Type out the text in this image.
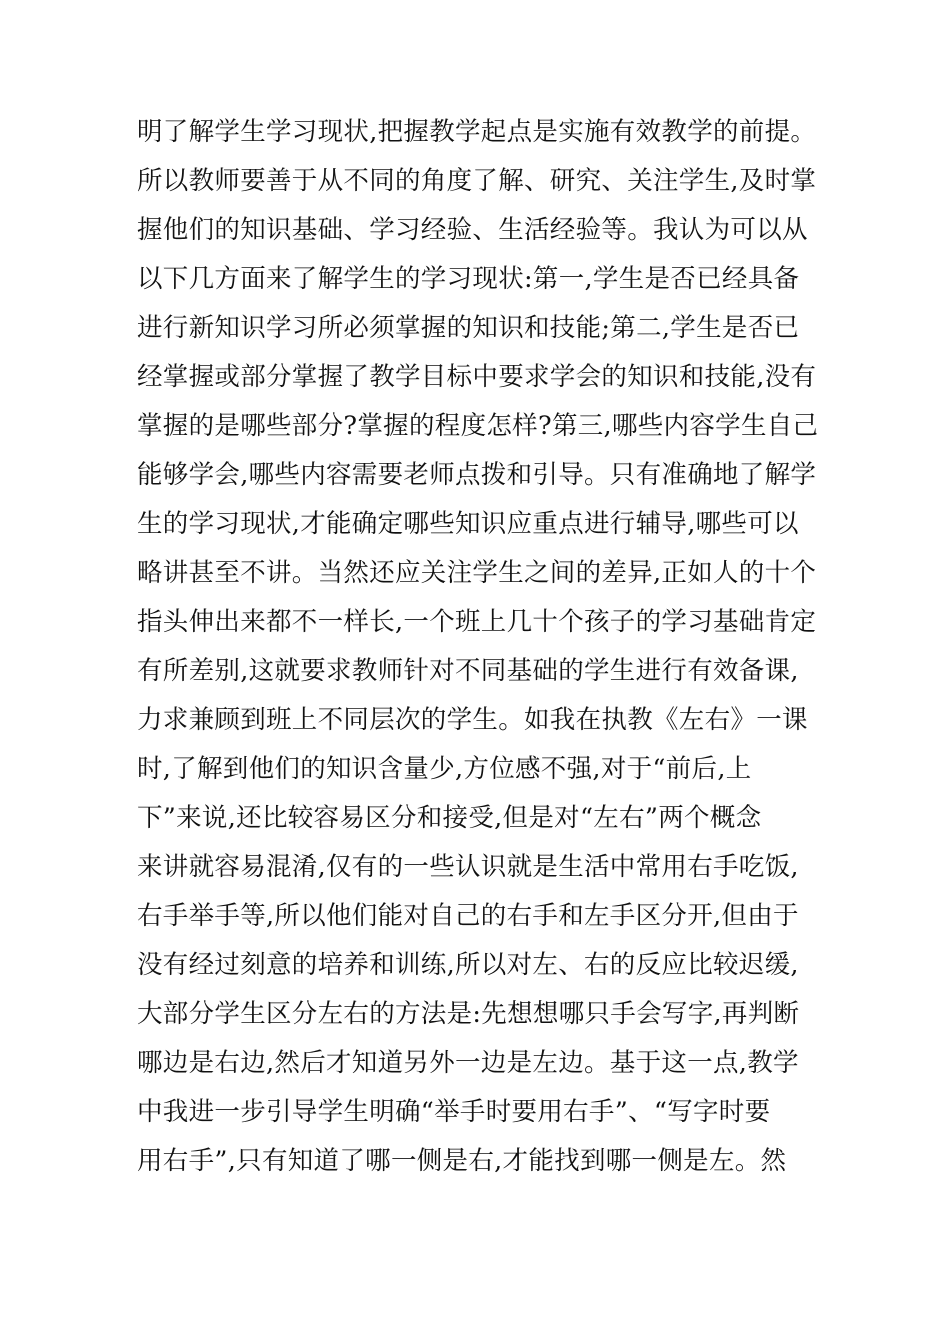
明了解学生学习现状,把握教学起点是实施有效教学的前提。
所以教师要善于从不同的角度了解、研究、关注学生,及时掌
握他们的知识基础、学习经验、生活经验等。我认为可以从
以下几方面来了解学生的学习现状:第一,学生是否已经具备
进行新知识学习所必须掌握的知识和技能;第二,学生是否已
经掌握或部分掌握了教学目标中要求学会的知识和技能,没有
掌握的是哪些部分?掌握的程度怎样?第三,哪些内容学生自己
能够学会,哪些内容需要老师点拨和引导。只有准确地了解学
生的学习现状,才能确定哪些知识应重点进行辅导,哪些可以
略讲甚至不讲。当然还应关注学生之间的差异,正如人的十个
指头伸出来都不一样长,一个班上几十个孩子的学习基础肯定
有所差别,这就要求教师针对不同基础的学生进行有效备课,
力求兼顾到班上不同层次的学生。如我在执教《左右》一课
时,了解到他们的知识含量少,方位感不强,对于“前后,上
下”来说,还比较容易区分和接受,但是对“左右”两个概念
来讲就容易混淆,仅有的一些认识就是生活中常用右手吃饭,
右手举手等,所以他们能对自己的右手和左手区分开,但由于
没有经过刻意的培养和训练,所以对左、右的反应比较迟缓,
大部分学生区分左右的方法是:先想想哪只手会写字,再判断
哪边是右边,然后才知道另外一边是左边。基于这一点,教学
中我进一步引导学生明确“举手时要用右手”、“写字时要
用右手”,只有知道了哪一侧是右,才能找到哪一侧是左。然
